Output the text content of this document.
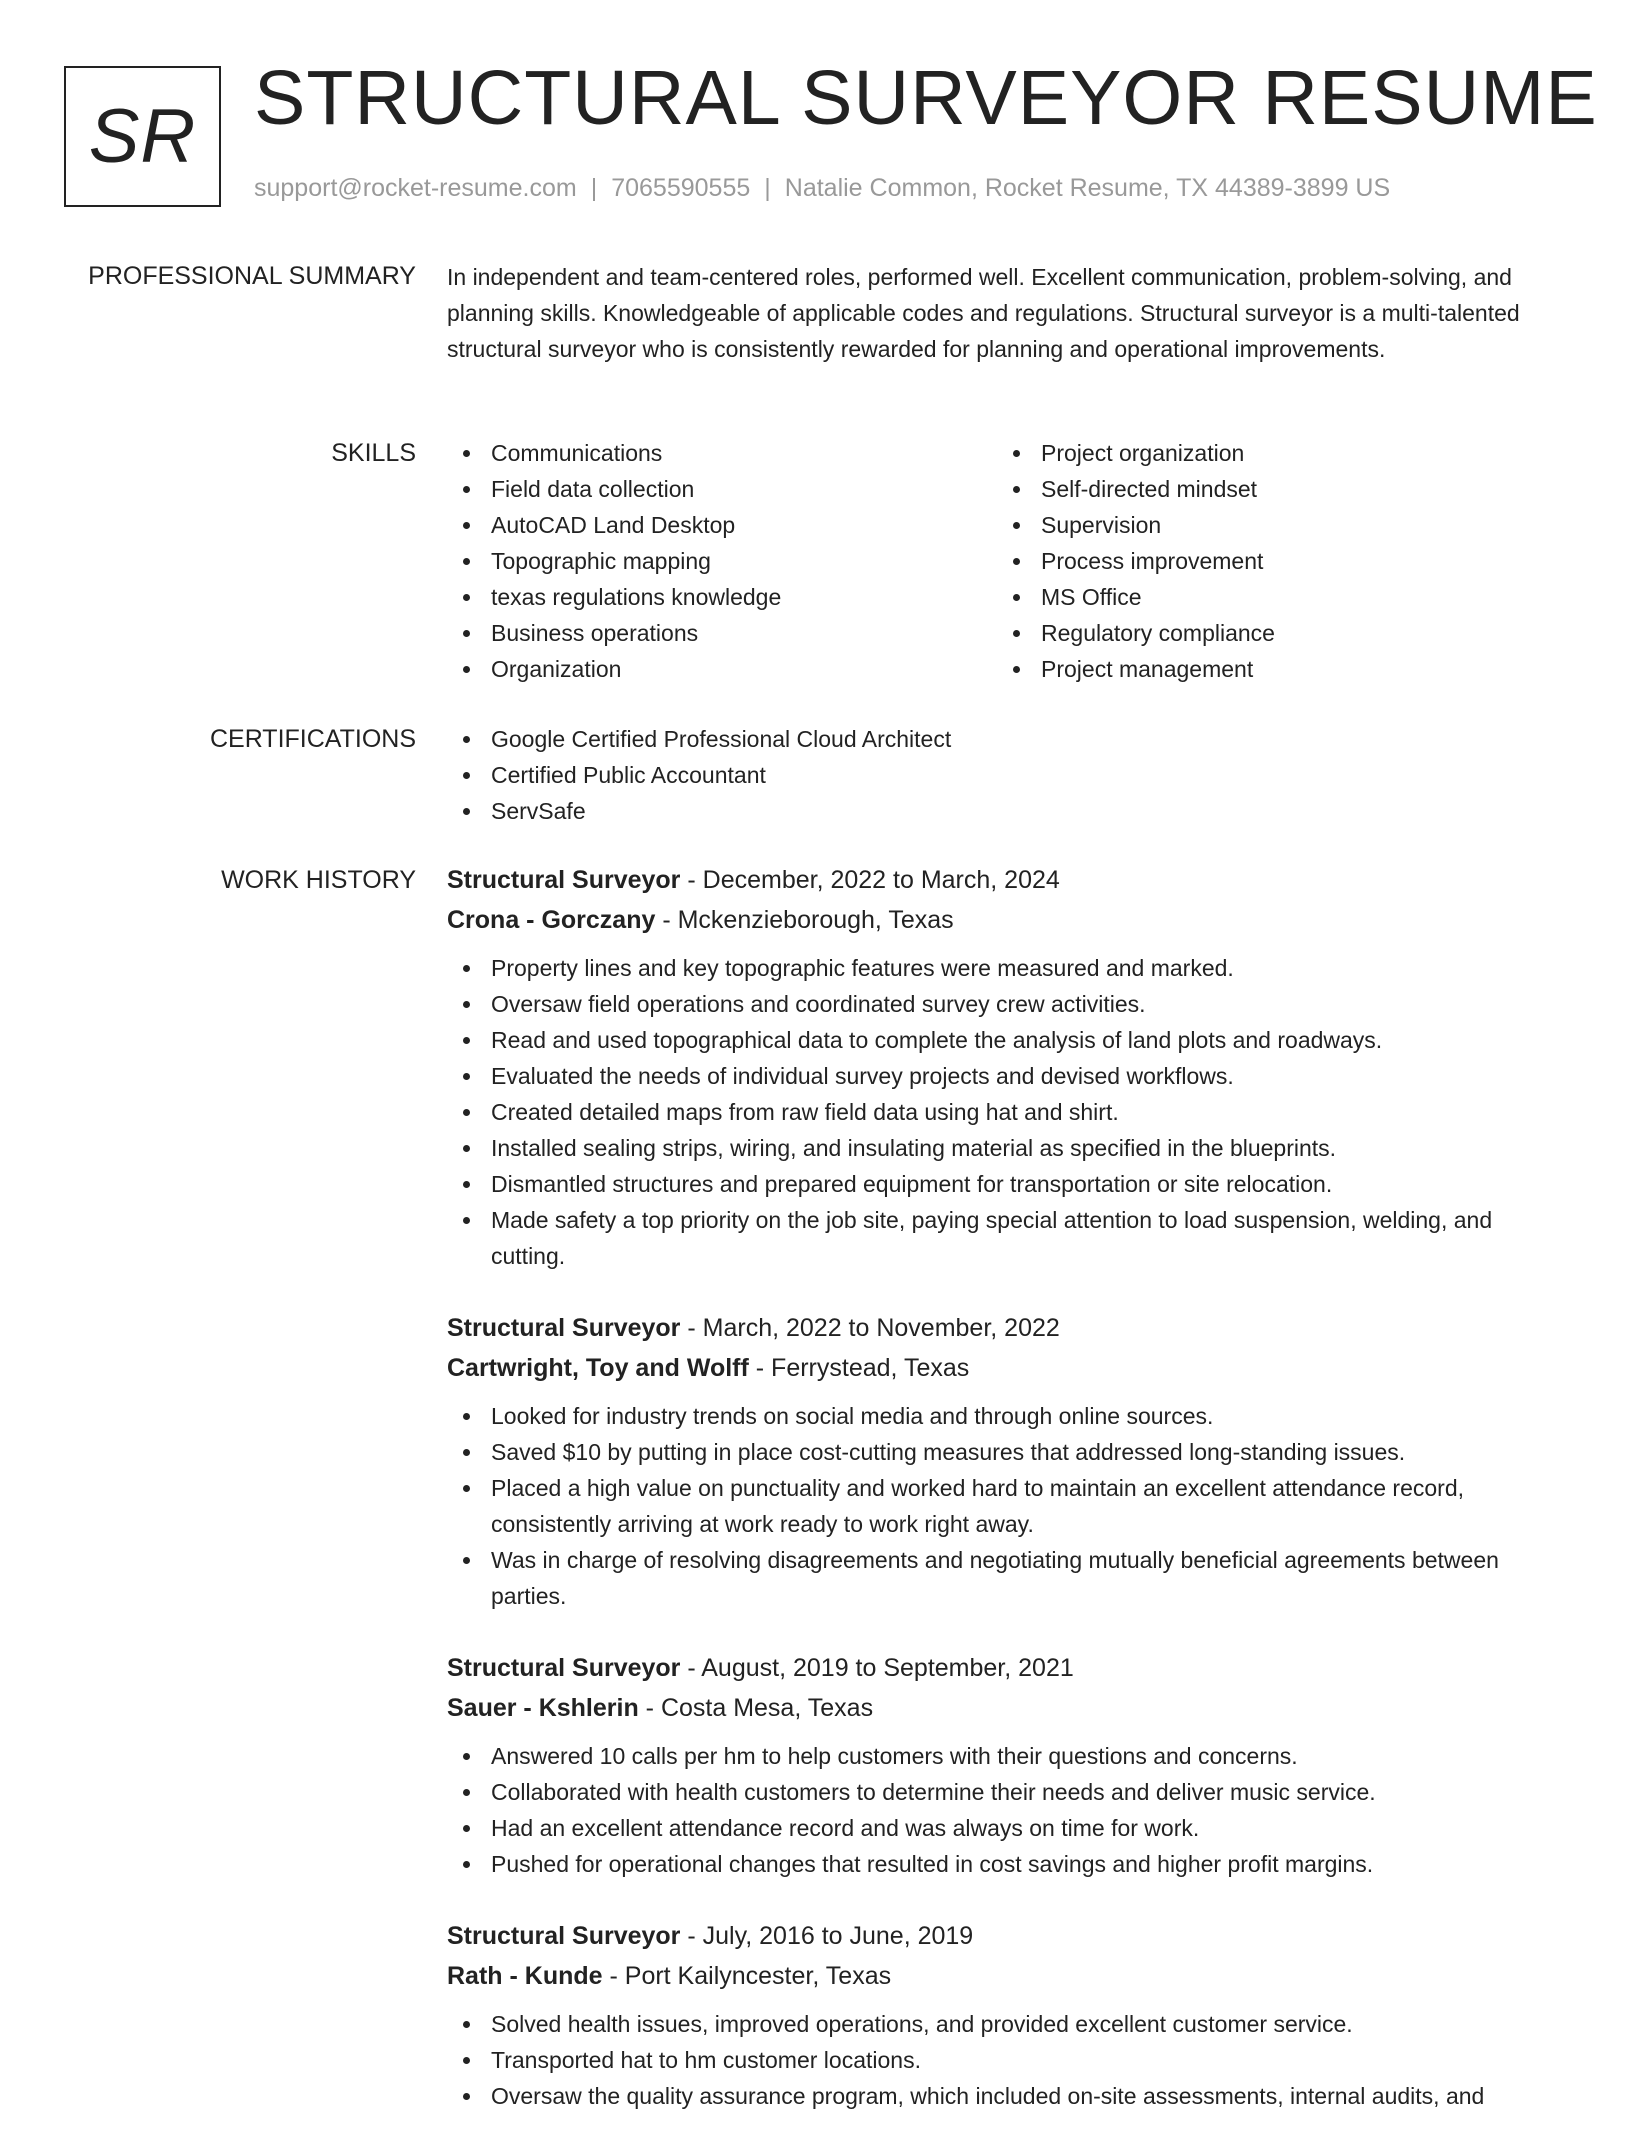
SR STRUCTURAL SURVEYOR RESUME
support@rocket-resume.com | 7065590555 | Natalie Common, Rocket Resume, TX 44389-3899 US
PROFESSIONAL SUMMARY In independent and team-centered roles, performed well. Excellent communication, problem-solving, and planning skills. Knowledgeable of applicable codes and regulations. Structural surveyor is a multi-talented structural surveyor who is consistently rewarded for planning and operational improvements.

SKILLS	Communications
Field data collection
AutoCAD Land Desktop
Topographic mapping
texas regulations knowledge
Business operations
Organization
Project organization
Self-directed mindset
Supervision
Process improvement
MS Office
Regulatory compliance
Project management
CERTIFICATIONS	Google Certified Professional Cloud Architect
Certified Public Accountant
ServSafe
WORK HISTORY Structural Surveyor - December, 2022 to March, 2024
Crona - Gorczany - Mckenzieborough, Texas
Property lines and key topographic features were measured and marked.
Oversaw field operations and coordinated survey crew activities.
Read and used topographical data to complete the analysis of land plots and roadways.
Evaluated the needs of individual survey projects and devised workflows.
Created detailed maps from raw field data using hat and shirt.
Installed sealing strips, wiring, and insulating material as specified in the blueprints.
Dismantled structures and prepared equipment for transportation or site relocation.
Made safety a top priority on the job site, paying special attention to load suspension, welding, and cutting.
Structural Surveyor - March, 2022 to November, 2022
Cartwright, Toy and Wolff - Ferrystead, Texas
Looked for industry trends on social media and through online sources.
Saved $10 by putting in place cost-cutting measures that addressed long-standing issues.
Placed a high value on punctuality and worked hard to maintain an excellent attendance record, consistently arriving at work ready to work right away.
Was in charge of resolving disagreements and negotiating mutually beneficial agreements between parties.
Structural Surveyor - August, 2019 to September, 2021
Sauer - Kshlerin - Costa Mesa, Texas
Answered 10 calls per hm to help customers with their questions and concerns.
Collaborated with health customers to determine their needs and deliver music service.
Had an excellent attendance record and was always on time for work.
Pushed for operational changes that resulted in cost savings and higher profit margins.
Structural Surveyor - July, 2016 to June, 2019
Rath - Kunde - Port Kailyncester, Texas
Solved health issues, improved operations, and provided excellent customer service.
Transported hat to hm customer locations.
Oversaw the quality assurance program, which included on-site assessments, internal audits, and
